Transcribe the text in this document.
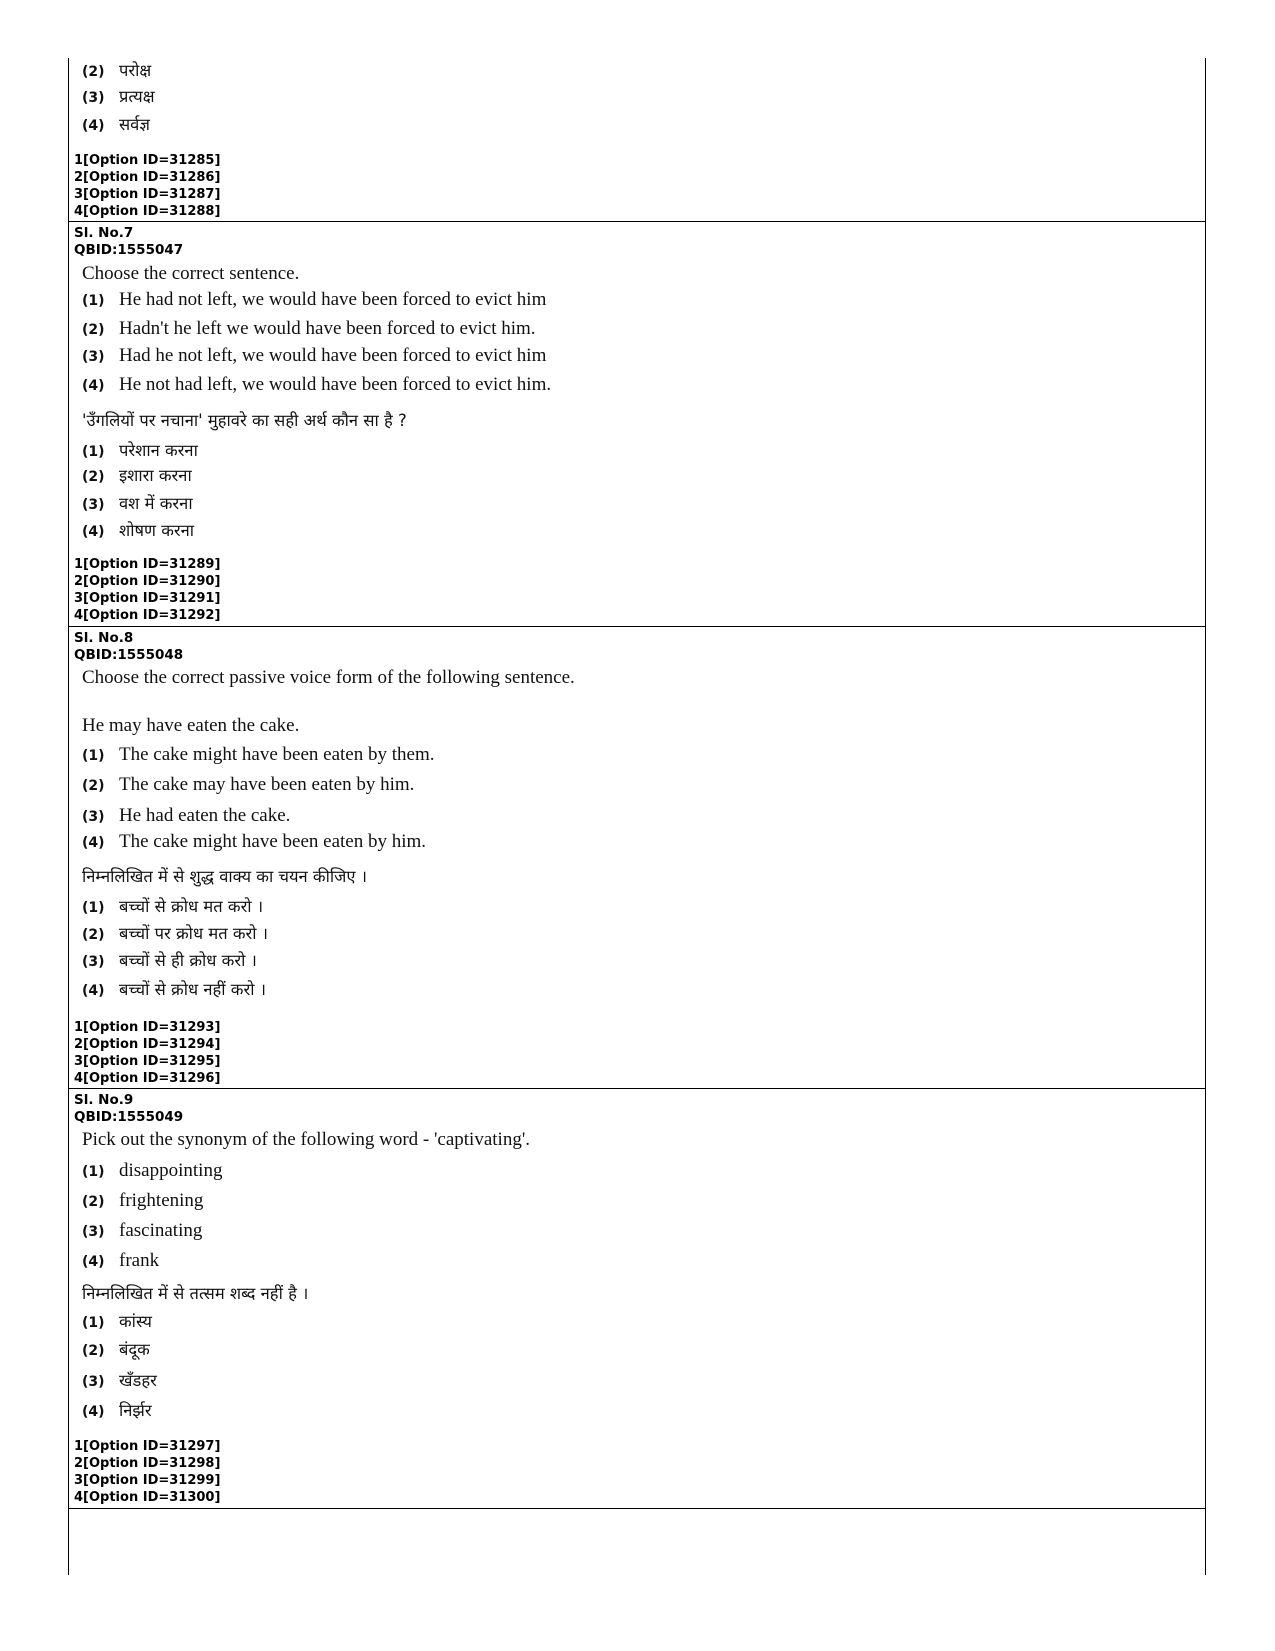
(2) परोक्ष
(3) प्रत्यक्ष
(4) सर्वज्ञ
1[Option ID=31285]
2[Option ID=31286]
3[Option ID=31287]
4[Option ID=31288]
Sl. No.7
QBID:1555047
Choose the correct sentence.
(1) He had not left, we would have been forced to evict him
(2) Hadn't he left we would have been forced to evict him.
(3) Had he not left, we would have been forced to evict him
(4) He not had left, we would have been forced to evict him.
'उँगलियों पर नचाना' मुहावरे का सही अर्थ कौन सा है ?
(1) परेशान करना
(2) इशारा करना
(3) वश में करना
(4) शोषण करना
1[Option ID=31289]
2[Option ID=31290]
3[Option ID=31291]
4[Option ID=31292]
Sl. No.8
QBID:1555048
Choose the correct passive voice form of the following sentence.
He may have eaten the cake.
(1) The cake might have been eaten by them.
(2) The cake may have been eaten by him.
(3) He had eaten the cake.
(4) The cake might have been eaten by him.
निम्नलिखित में से शुद्ध वाक्य का चयन कीजिए ।
(1) बच्चों से क्रोध मत करो ।
(2) बच्चों पर क्रोध मत करो ।
(3) बच्चों से ही क्रोध करो ।
(4) बच्चों से क्रोध नहीं करो ।
1[Option ID=31293]
2[Option ID=31294]
3[Option ID=31295]
4[Option ID=31296]
Sl. No.9
QBID:1555049
Pick out the synonym of the following word - 'captivating'.
(1) disappointing
(2) frightening
(3) fascinating
(4) frank
निम्नलिखित में से तत्सम शब्द नहीं है ।
(1) कांस्य
(2) बंदूक
(3) खँडहर
(4) निर्झर
1[Option ID=31297]
2[Option ID=31298]
3[Option ID=31299]
4[Option ID=31300]
